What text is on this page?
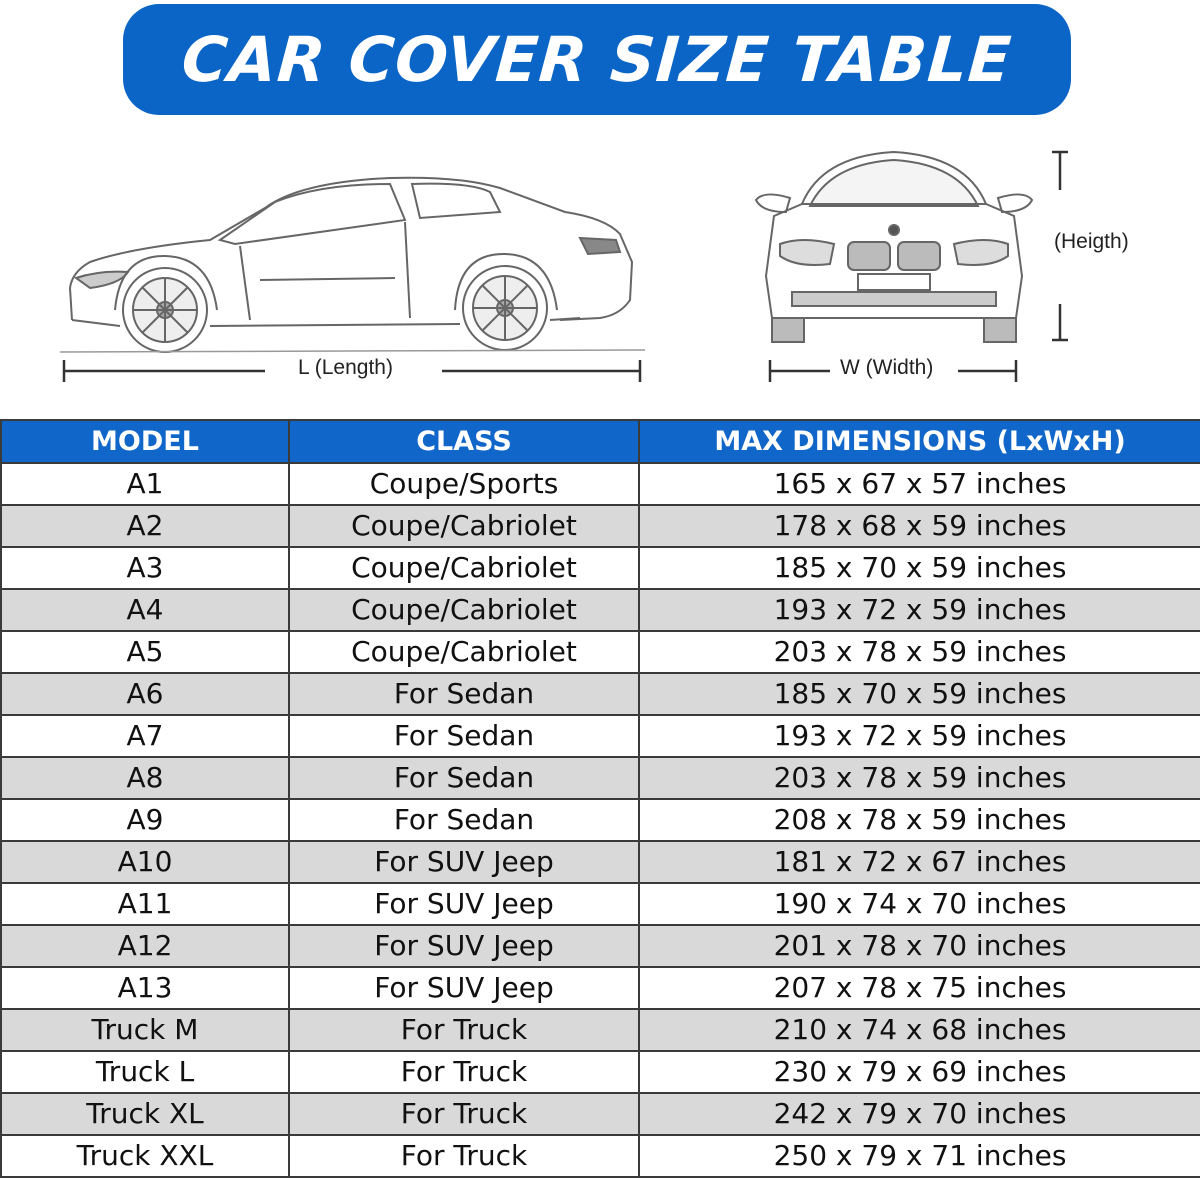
CAR COVER SIZE TABLE
L (Length)
(Heigth)
W (Width)
MODEL	CLASS	MAX DIMENSIONS (LxWxH)
A1	Coupe/Sports	165 x 67 x 57 inches
A2	Coupe/Cabriolet	178 x 68 x 59 inches
A3	Coupe/Cabriolet	185 x 70 x 59 inches
A4	Coupe/Cabriolet	193 x 72 x 59 inches
A5	Coupe/Cabriolet	203 x 78 x 59 inches
A6	For Sedan	185 x 70 x 59 inches
A7	For Sedan	193 x 72 x 59 inches
A8	For Sedan	203 x 78 x 59 inches
A9	For Sedan	208 x 78 x 59 inches
A10	For SUV Jeep	181 x 72 x 67 inches
A11	For SUV Jeep	190 x 74 x 70 inches
A12	For SUV Jeep	201 x 78 x 70 inches
A13	For SUV Jeep	207 x 78 x 75 inches
Truck M	For Truck	210 x 74 x 68 inches
Truck L	For Truck	230 x 79 x 69 inches
Truck XL	For Truck	242 x 79 x 70 inches
Truck XXL	For Truck	250 x 79 x 71 inches
